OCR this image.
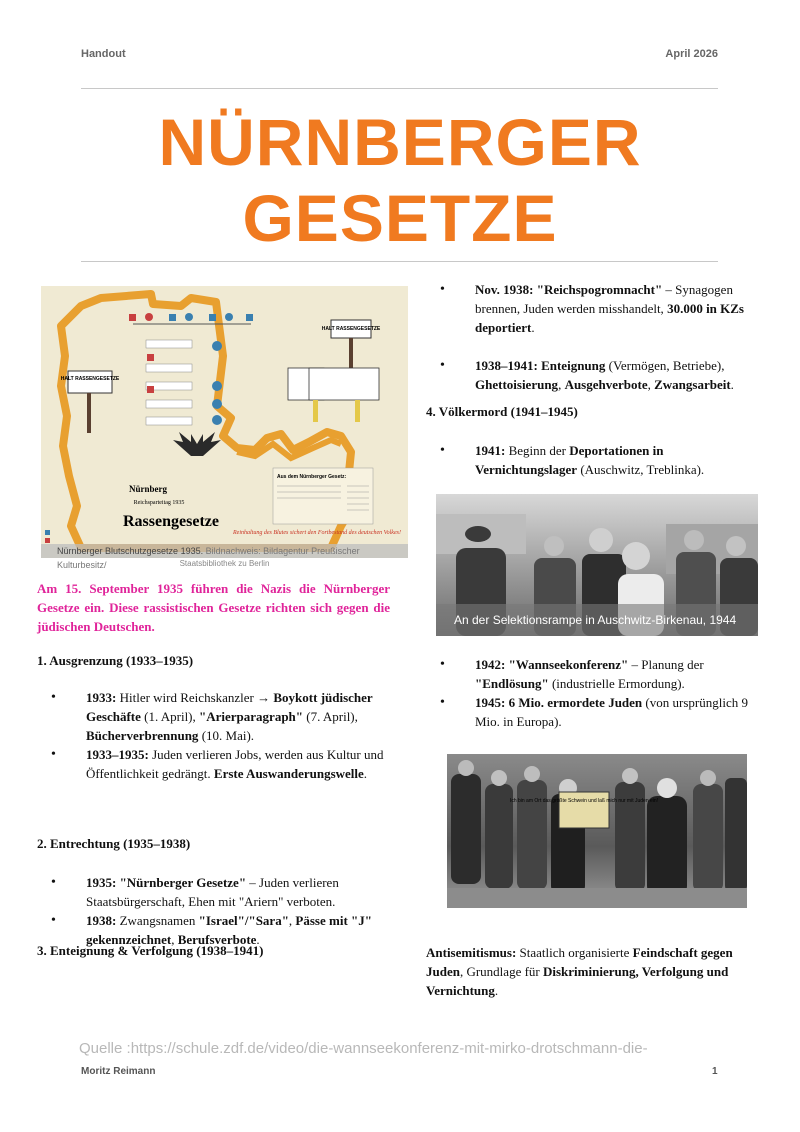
Handout	April 2026
NÜRNBERGER
GESETZE
HALT RASSENGESETZE
HALT RASSENGESETZE
Nürnberg
Reichsparteitag 1935
Rassengesetze
Aus dem Nürnberger Gesetz:
Reinhaltung des Blutes sichert den Fortbestand des deutschen Volkes!
Nürnberger Blutschutzgesetze 1935. Bildnachweis: Bildagentur Preußischer Kulturbesitz/	Staatsbibliothek zu Berlin
Am 15. September 1935 führen die Nazis die Nürnberger Gesetze ein. Diese rassistischen Gesetze richten sich gegen die jüdischen Deutschen.
1. Ausgrenzung (1933–1935)
• 1933: Hitler wird Reichskanzler → Boykott jüdischer Geschäfte (1. April), "Arierparagraph" (7. April), Bücherverbrennung (10. Mai).
• 1933–1935: Juden verlieren Jobs, werden aus Kultur und Öffentlichkeit gedrängt. Erste Auswanderungswelle.
2. Entrechtung (1935–1938)
• 1935: "Nürnberger Gesetze" – Juden verlieren Staatsbürgerschaft, Ehen mit "Ariern" verboten.
• 1938: Zwangsnamen "Israel"/"Sara", Pässe mit "J" gekennzeichnet, Berufsverbote.
3. Enteignung & Verfolgung (1938–1941)
• Nov. 1938: "Reichspogromnacht" – Synagogen brennen, Juden werden misshandelt, 30.000 in KZs deportiert.
• 1938–1941: Enteignung (Vermögen, Betriebe), Ghettoisierung, Ausgehverbote, Zwangsarbeit.
4. Völkermord (1941–1945)
• 1941: Beginn der Deportationen in Vernichtungslager (Auschwitz, Treblinka).
An der Selektionsrampe in Auschwitz-Birkenau, 1944
• 1942: "Wannseekonferenz" – Planung der "Endlösung" (industrielle Ermordung).
• 1945: 6 Mio. ermordete Juden (von ursprünglich 9 Mio. in Europa).
Ich bin am Ort das größte Schwein und laß mich nur mit Juden ein!
Antisemitismus: Staatlich organisierte Feindschaft gegen Juden, Grundlage für Diskriminierung, Verfolgung und Vernichtung.
Quelle :https://schule.zdf.de/video/die-wannseekonferenz-mit-mirko-drotschmann-die-
Moritz Reimann	1
